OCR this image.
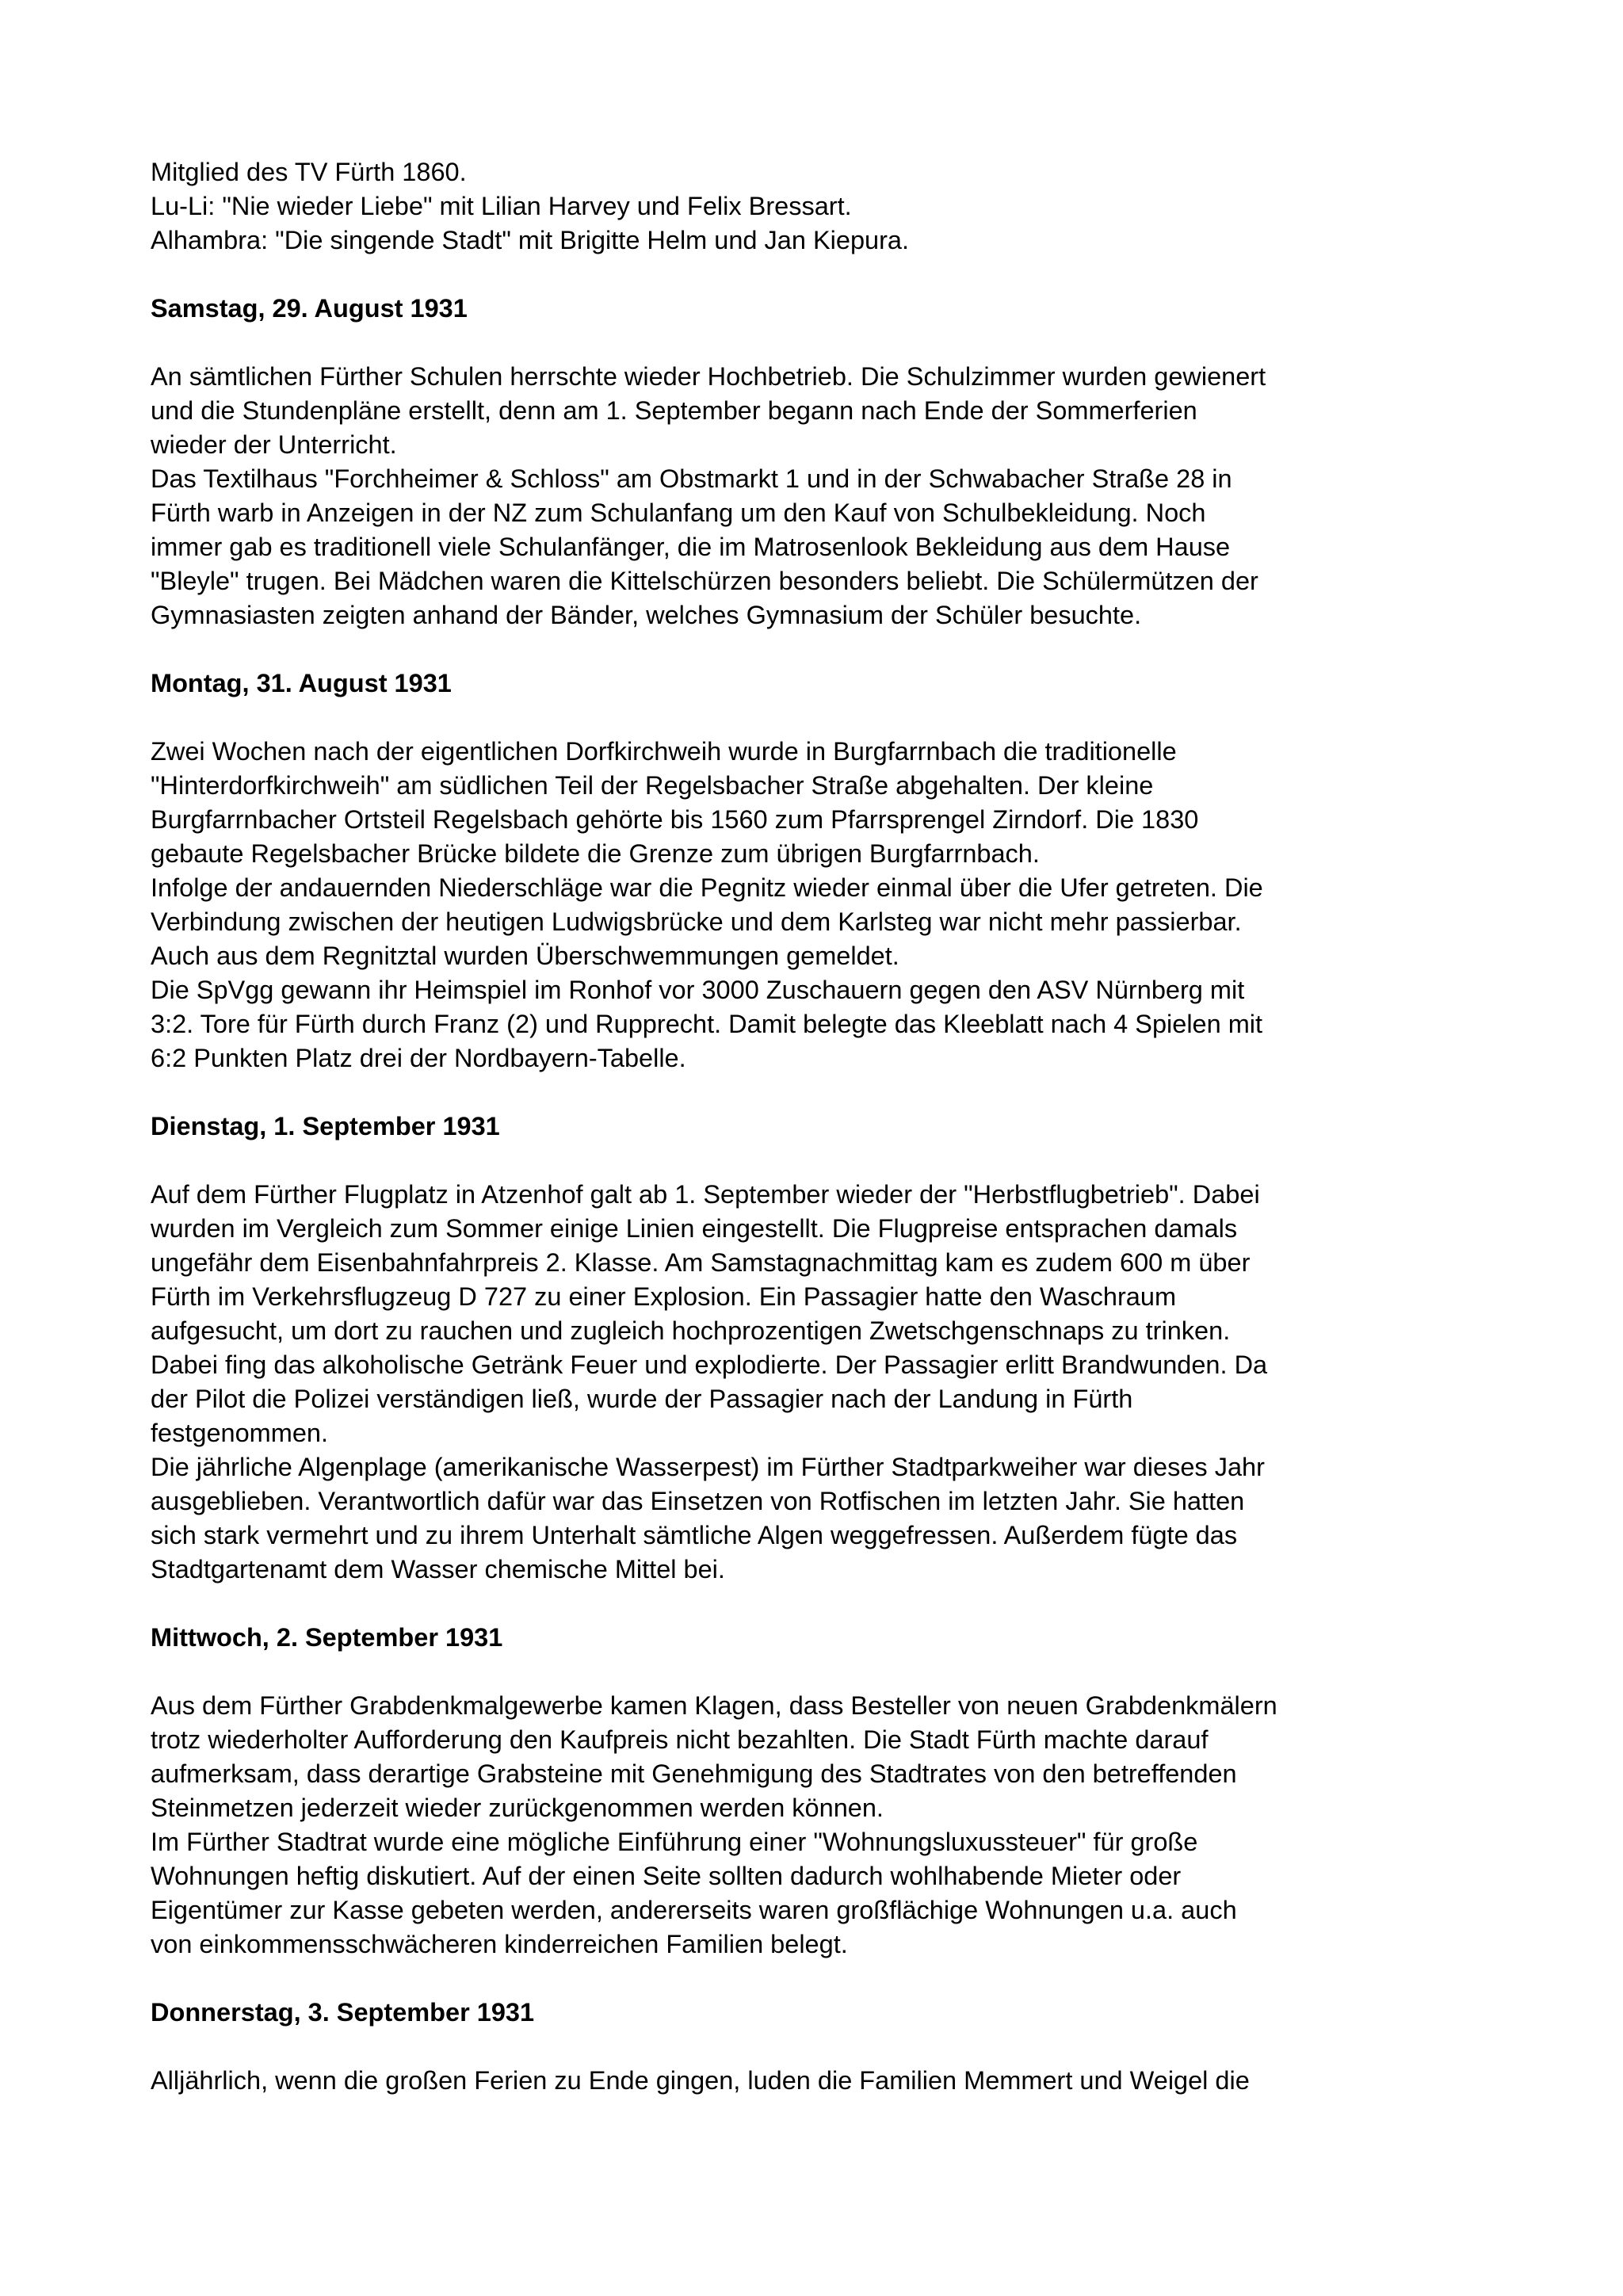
Mitglied des TV Fürth 1860.
Lu-Li: "Nie wieder Liebe" mit Lilian Harvey und Felix Bressart.
Alhambra: "Die singende Stadt" mit Brigitte Helm und Jan Kiepura.
Samstag, 29. August 1931
An sämtlichen Fürther Schulen herrschte wieder Hochbetrieb. Die Schulzimmer wurden gewienert
und die Stundenpläne erstellt, denn am 1. September begann nach Ende der Sommerferien
wieder der Unterricht.
Das Textilhaus "Forchheimer & Schloss" am Obstmarkt 1 und in der Schwabacher Straße 28 in
Fürth warb in Anzeigen in der NZ zum Schulanfang um den Kauf von Schulbekleidung. Noch
immer gab es traditionell viele Schulanfänger, die im Matrosenlook Bekleidung aus dem Hause
"Bleyle" trugen. Bei Mädchen waren die Kittelschürzen besonders beliebt. Die Schülermützen der
Gymnasiasten zeigten anhand der Bänder, welches Gymnasium der Schüler besuchte.
Montag, 31. August 1931
Zwei Wochen nach der eigentlichen Dorfkirchweih wurde in Burgfarrnbach die traditionelle
"Hinterdorfkirchweih" am südlichen Teil der Regelsbacher Straße abgehalten. Der kleine
Burgfarrnbacher Ortsteil Regelsbach gehörte bis 1560 zum Pfarrsprengel Zirndorf. Die 1830
gebaute Regelsbacher Brücke bildete die Grenze zum übrigen Burgfarrnbach.
Infolge der andauernden Niederschläge war die Pegnitz wieder einmal über die Ufer getreten. Die
Verbindung zwischen der heutigen Ludwigsbrücke und dem Karlsteg war nicht mehr passierbar.
Auch aus dem Regnitztal wurden Überschwemmungen gemeldet.
Die SpVgg gewann ihr Heimspiel im Ronhof vor 3000 Zuschauern gegen den ASV Nürnberg mit
3:2. Tore für Fürth durch Franz (2) und Rupprecht. Damit belegte das Kleeblatt nach 4 Spielen mit
6:2 Punkten Platz drei der Nordbayern-Tabelle.
Dienstag, 1. September 1931
Auf dem Fürther Flugplatz in Atzenhof galt ab 1. September wieder der "Herbstflugbetrieb". Dabei
wurden im Vergleich zum Sommer einige Linien eingestellt. Die Flugpreise entsprachen damals
ungefähr dem Eisenbahnfahrpreis 2. Klasse. Am Samstagnachmittag kam es zudem 600 m über
Fürth im Verkehrsflugzeug D 727 zu einer Explosion. Ein Passagier hatte den Waschraum
aufgesucht, um dort zu rauchen und zugleich hochprozentigen Zwetschgenschnaps zu trinken.
Dabei fing das alkoholische Getränk Feuer und explodierte. Der Passagier erlitt Brandwunden. Da
der Pilot die Polizei verständigen ließ, wurde der Passagier nach der Landung in Fürth
festgenommen.
Die jährliche Algenplage (amerikanische Wasserpest) im Fürther Stadtparkweiher war dieses Jahr
ausgeblieben. Verantwortlich dafür war das Einsetzen von Rotfischen im letzten Jahr. Sie hatten
sich stark vermehrt und zu ihrem Unterhalt sämtliche Algen weggefressen. Außerdem fügte das
Stadtgartenamt dem Wasser chemische Mittel bei.
Mittwoch, 2. September 1931
Aus dem Fürther Grabdenkmalgewerbe kamen Klagen, dass Besteller von neuen Grabdenkmälern
trotz wiederholter Aufforderung den Kaufpreis nicht bezahlten. Die Stadt Fürth machte darauf
aufmerksam, dass derartige Grabsteine mit Genehmigung des Stadtrates von den betreffenden
Steinmetzen jederzeit wieder zurückgenommen werden können.
Im Fürther Stadtrat wurde eine mögliche Einführung einer "Wohnungsluxussteuer" für große
Wohnungen heftig diskutiert. Auf der einen Seite sollten dadurch wohlhabende Mieter oder
Eigentümer zur Kasse gebeten werden, andererseits waren großflächige Wohnungen u.a. auch
von einkommensschwächeren kinderreichen Familien belegt.
Donnerstag, 3. September 1931
Alljährlich, wenn die großen Ferien zu Ende gingen, luden die Familien Memmert und Weigel die
